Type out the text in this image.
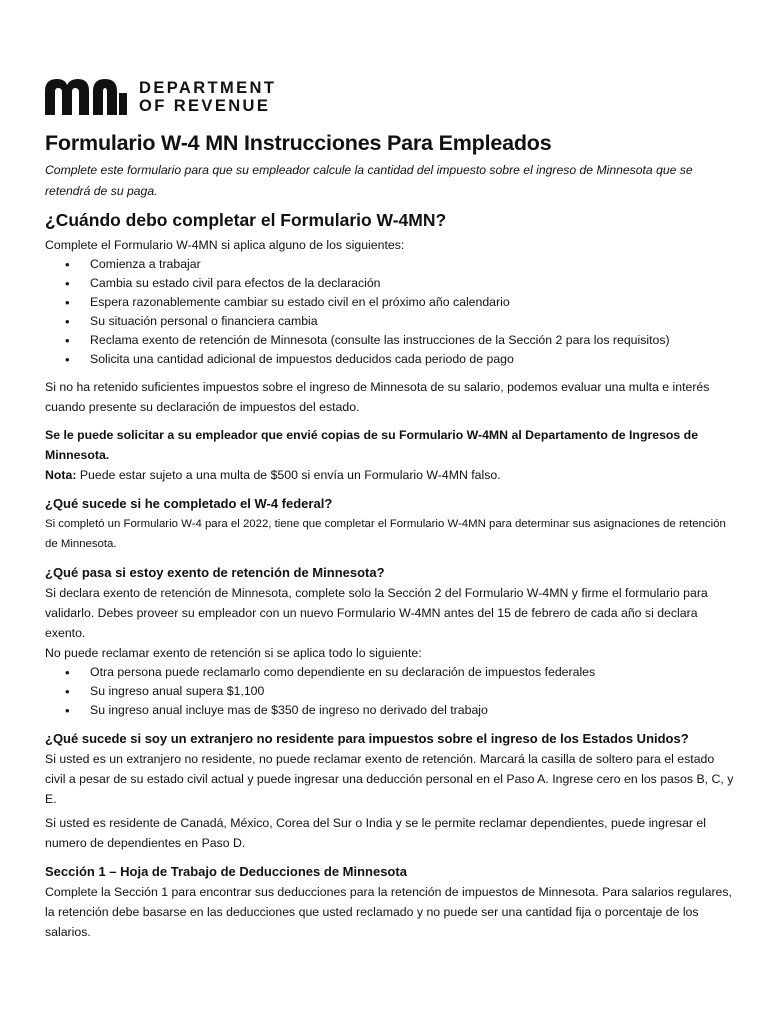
DEPARTMENT
OF REVENUE
Formulario W-4 MN Instrucciones Para Empleados

Complete este formulario para que su empleador calcule la cantidad del impuesto sobre el ingreso de Minnesota que se retendrá de su paga.

¿Cuándo debo completar el Formulario W-4MN?

Complete el Formulario W-4MN si aplica alguno de los siguientes:

• Comienza a trabajar
• Cambia su estado civil para efectos de la declaración
• Espera razonablemente cambiar su estado civil en el próximo año calendario
• Su situación personal o financiera cambia
• Reclama exento de retención de Minnesota (consulte las instrucciones de la Sección 2 para los requisitos)
• Solicita una cantidad adicional de impuestos deducidos cada periodo de pago

Si no ha retenido suficientes impuestos sobre el ingreso de Minnesota de su salario, podemos evaluar una multa e interés cuando presente su declaración de impuestos del estado.

Se le puede solicitar a su empleador que envié copias de su Formulario W-4MN al Departamento de Ingresos de Minnesota.

Nota: Puede estar sujeto a una multa de $500 si envía un Formulario W-4MN falso.

¿Qué sucede si he completado el W-4 federal?

Si completó un Formulario W-4 para el 2022, tiene que completar el Formulario W-4MN para determinar sus asignaciones de retención de Minnesota.

¿Qué pasa si estoy exento de retención de Minnesota?

Si declara exento de retención de Minnesota, complete solo la Sección 2 del Formulario W-4MN y firme el formulario para validarlo. Debes proveer su empleador con un nuevo Formulario W-4MN antes del 15 de febrero de cada año si declara exento.

No puede reclamar exento de retención si se aplica todo lo siguiente:

• Otra persona puede reclamarlo como dependiente en su declaración de impuestos federales
• Su ingreso anual supera $1,100
• Su ingreso anual incluye mas de $350 de ingreso no derivado del trabajo
¿Qué sucede si soy un extranjero no residente para impuestos sobre el ingreso de los Estados Unidos?

Si usted es un extranjero no residente, no puede reclamar exento de retención. Marcará la casilla de soltero para el estado civil a pesar de su estado civil actual y puede ingresar una deducción personal en el Paso A. Ingrese cero en los pasos B, C, y E.

Si usted es residente de Canadá, México, Corea del Sur o India y se le permite reclamar dependientes, puede ingresar el numero de dependientes en Paso D.

Sección 1 – Hoja de Trabajo de Deducciones de Minnesota

Complete la Sección 1 para encontrar sus deducciones para la retención de impuestos de Minnesota. Para salarios regulares, la retención debe basarse en las deducciones que usted reclamado y no puede ser una cantidad fija o porcentaje de los salarios.
